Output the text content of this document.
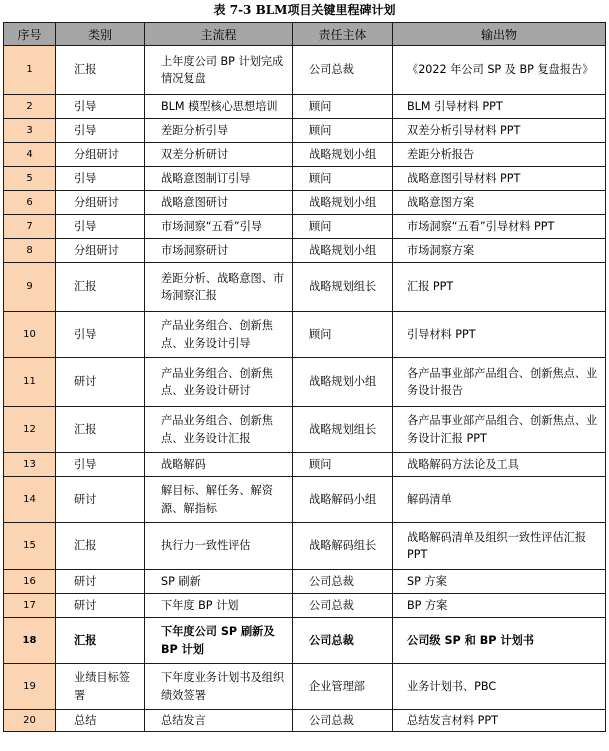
表 7-3 BLM项目关键里程碑计划
序号	类别	主流程	责任主体	输出物
1	汇报	上年度公司 BP 计划完成情况复盘	公司总裁	《2022 年公司 SP 及 BP 复盘报告》
2	引导	BLM 模型核心思想培训	顾问	BLM 引导材料 PPT
3	引导	差距分析引导	顾问	双差分析引导材料 PPT
4	分组研讨	双差分析研讨	战略规划小组	差距分析报告
5	引导	战略意图制订引导	顾问	战略意图引导材料 PPT
6	分组研讨	战略意图研讨	战略规划小组	战略意图方案
7	引导	市场洞察“五看”引导	顾问	市场洞察“五看”引导材料 PPT
8	分组研讨	市场洞察研讨	战略规划小组	市场洞察方案
9	汇报	差距分析、战略意图、市场洞察汇报	战略规划组长	汇报 PPT
10	引导	产品业务组合、创新焦点、业务设计引导	顾问	引导材料 PPT
11	研讨	产品业务组合、创新焦点、业务设计研讨	战略规划小组	各产品事业部产品组合、创新焦点、业务设计报告
12	汇报	产品业务组合、创新焦点、业务设计汇报	战略规划组长	各产品事业部产品组合、创新焦点、业务设计汇报 PPT
13	引导	战略解码	顾问	战略解码方法论及工具
14	研讨	解目标、解任务、解资源、解指标	战略解码小组	解码清单
15	汇报	执行力一致性评估	战略解码组长	战略解码清单及组织一致性评估汇报 PPT
16	研讨	SP 刷新	公司总裁	SP 方案
17	研讨	下年度 BP 计划	公司总裁	BP 方案
18	汇报	下年度公司 SP 刷新及 BP 计划	公司总裁	公司级 SP 和 BP 计划书
19	业绩目标签署	下年度业务计划书及组织绩效签署	企业管理部	业务计划书、PBC
20	总结	总结发言	公司总裁	总结发言材料 PPT
